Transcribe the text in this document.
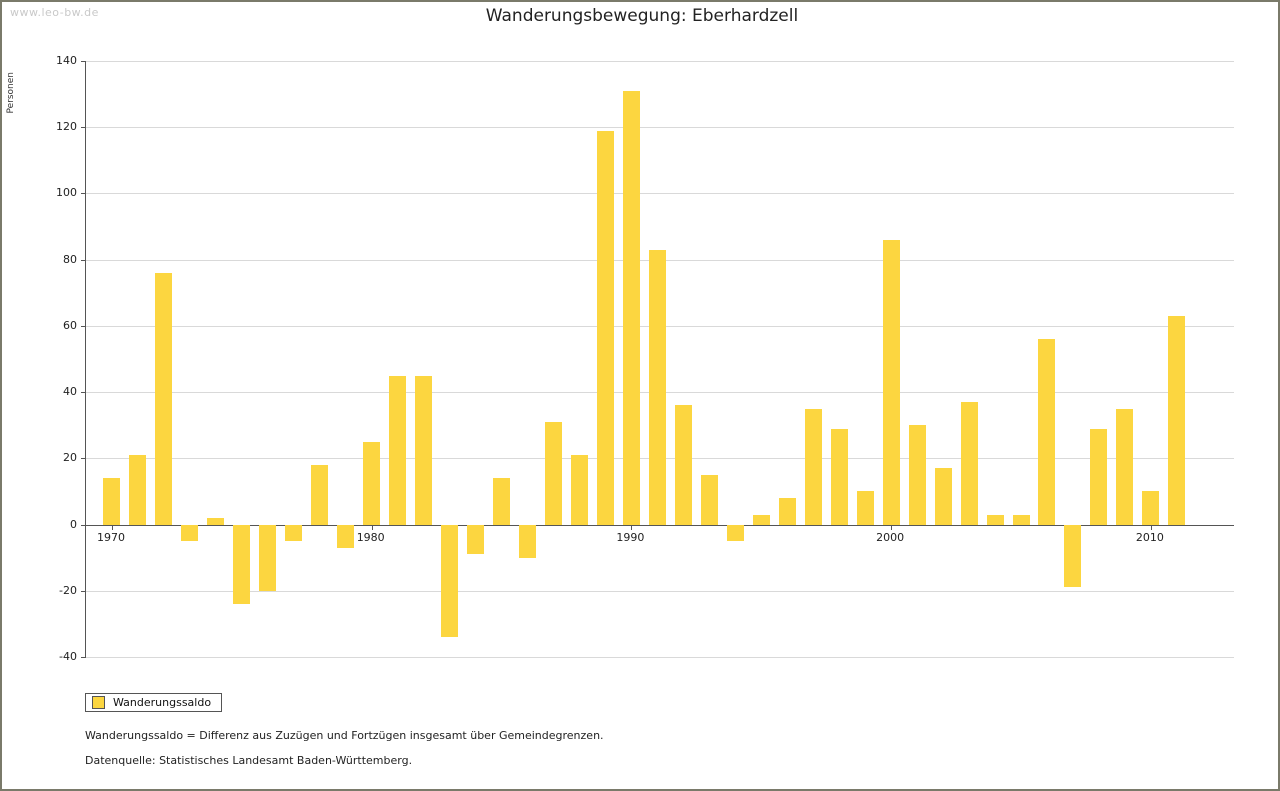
www.leo-bw.de	Wanderungsbewegung: Eberhardzell
Personen
Wanderungssaldo
Wanderungssaldo = Differenz aus Zuzügen und Fortzügen insgesamt über Gemeindegrenzen.
Datenquelle: Statistisches Landesamt Baden-Württemberg.
-40
-20
0
20
40
60
80
100
120
140
1970	1980	1990	2000	2010
